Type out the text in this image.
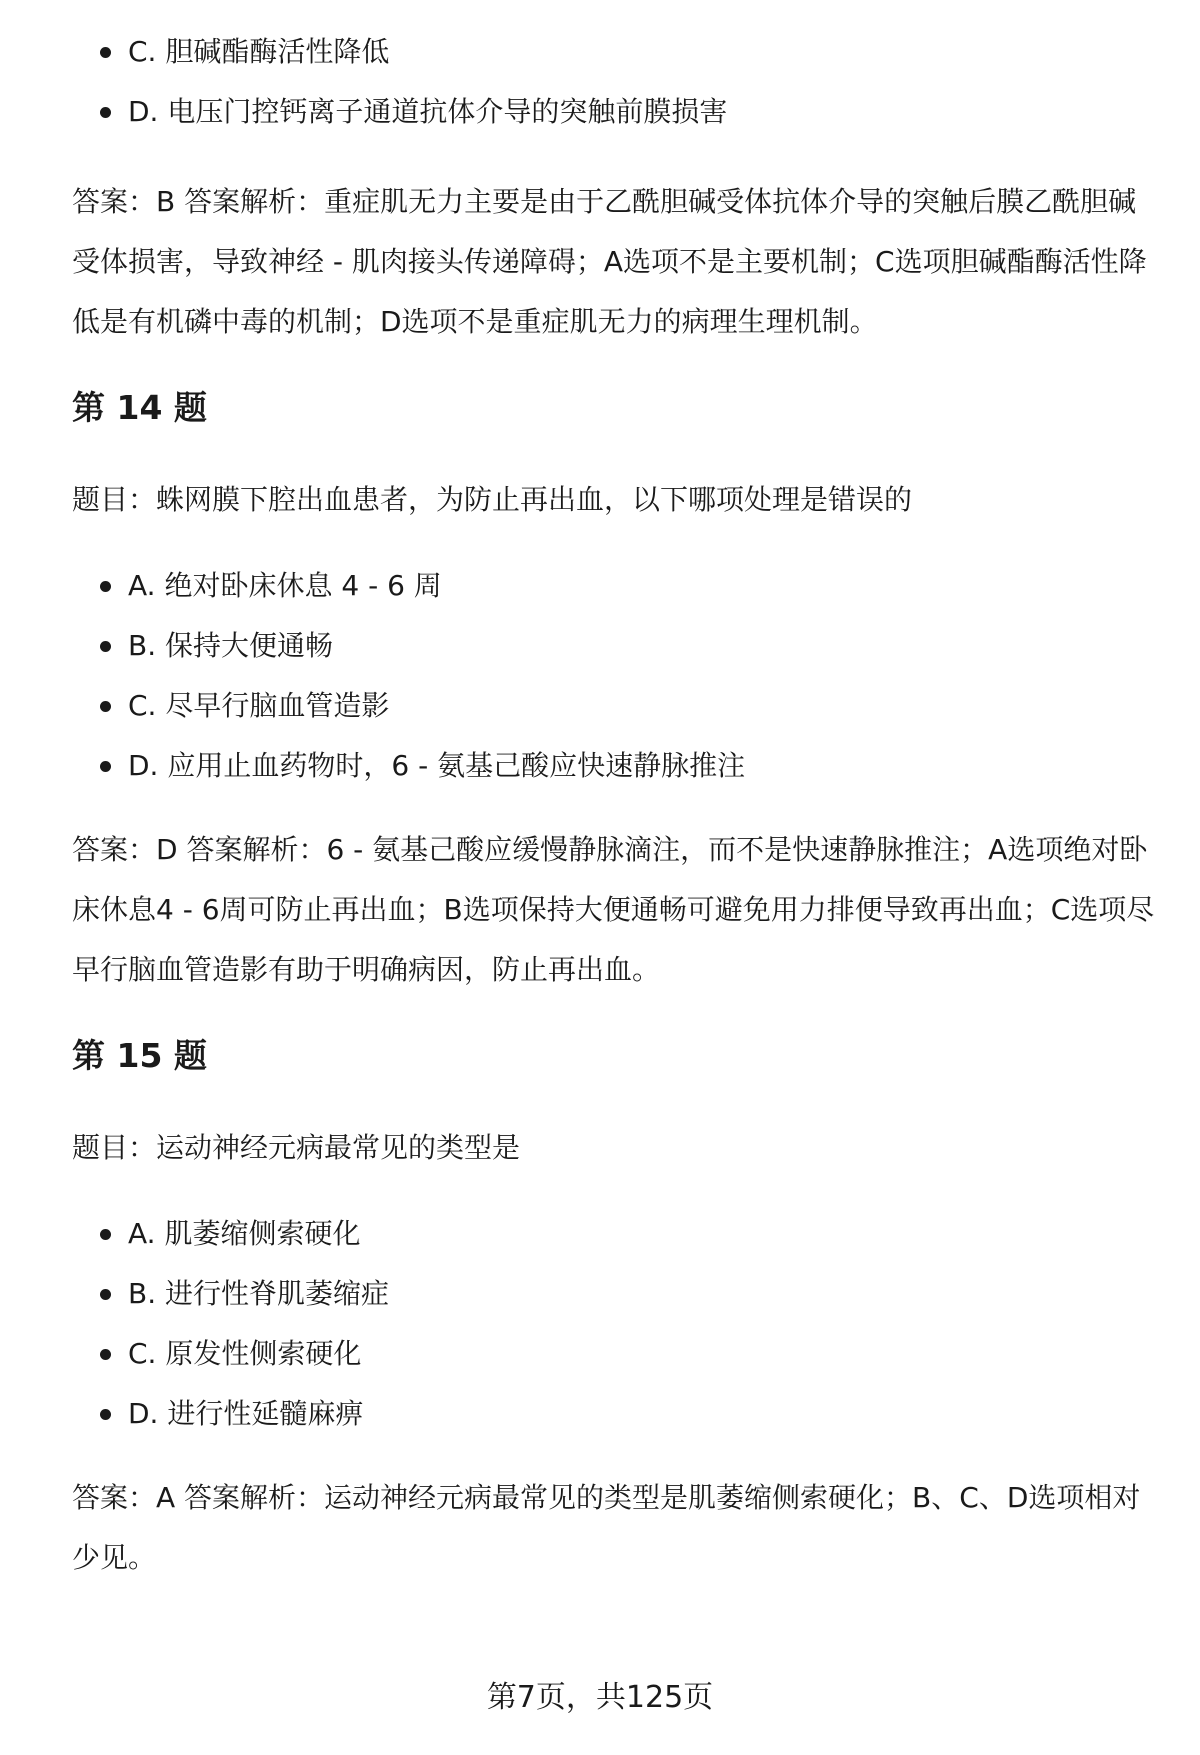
C. 胆碱酯酶活性降低
D. 电压门控钙离子通道抗体介导的突触前膜损害

答案：B 答案解析：重症肌无力主要是由于乙酰胆碱受体抗体介导的突触后膜乙酰胆碱受体损害，导致神经 - 肌肉接头传递障碍；A选项不是主要机制；C选项胆碱酯酶活性降低是有机磷中毒的机制；D选项不是重症肌无力的病理生理机制。

第 14 题

题目：蛛网膜下腔出血患者，为防止再出血，以下哪项处理是错误的

A. 绝对卧床休息 4 - 6 周
B. 保持大便通畅
C. 尽早行脑血管造影
D. 应用止血药物时，6 - 氨基己酸应快速静脉推注

答案：D 答案解析：6 - 氨基己酸应缓慢静脉滴注，而不是快速静脉推注；A选项绝对卧床休息4 - 6周可防止再出血；B选项保持大便通畅可避免用力排便导致再出血；C选项尽早行脑血管造影有助于明确病因，防止再出血。

第 15 题

题目：运动神经元病最常见的类型是

A. 肌萎缩侧索硬化
B. 进行性脊肌萎缩症
C. 原发性侧索硬化
D. 进行性延髓麻痹

答案：A 答案解析：运动神经元病最常见的类型是肌萎缩侧索硬化；B、C、D选项相对少见。

第7页，共125页
